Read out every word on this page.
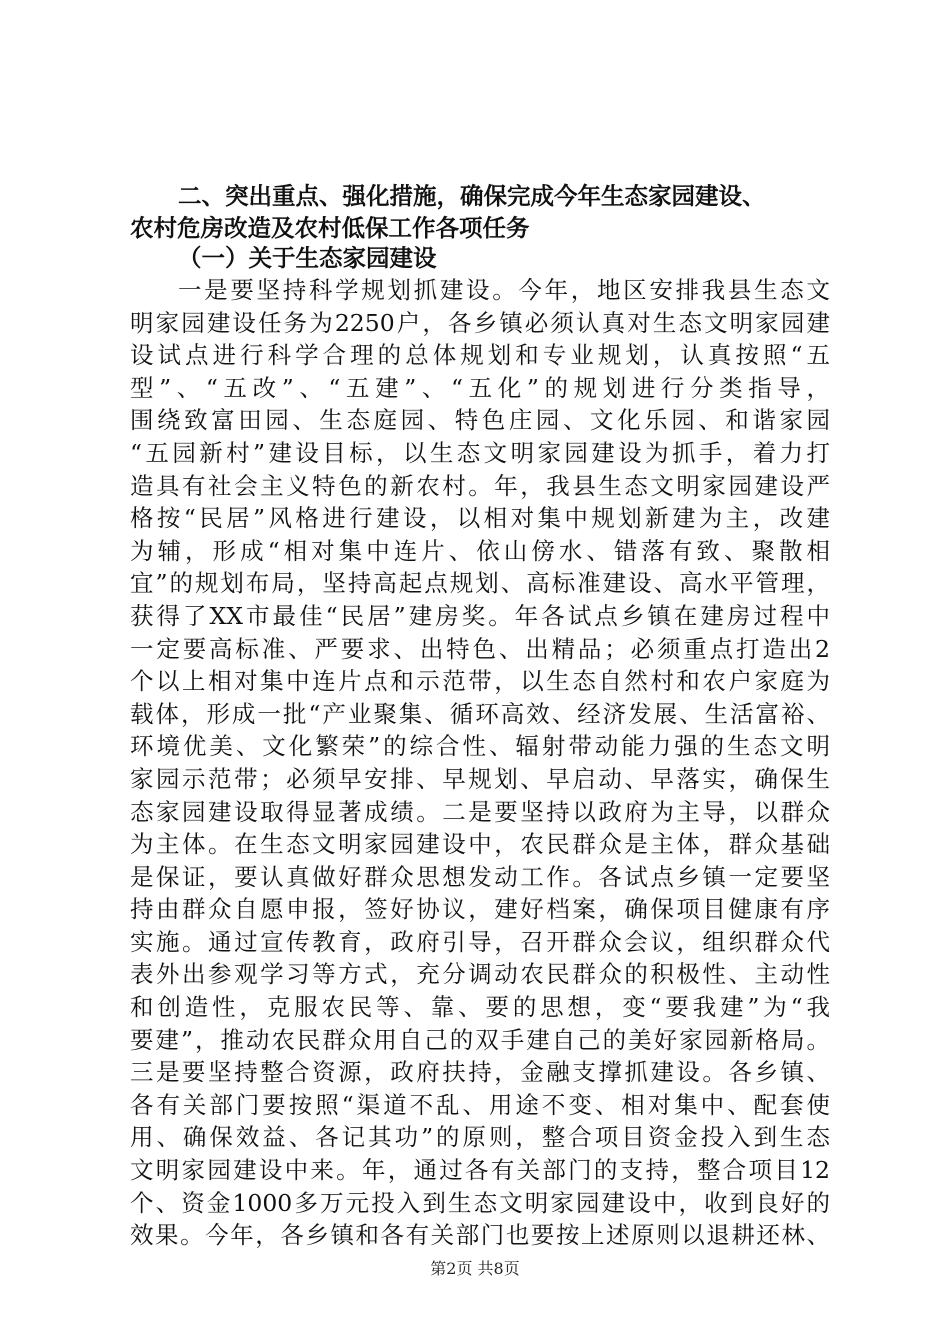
二、突出重点、强化措施，确保完成今年生态家园建设、
农村危房改造及农村低保工作各项任务
（一）关于生态家园建设
一是要坚持科学规划抓建设。今年，地区安排我县生态文
明家园建设任务为2250户，各乡镇必须认真对生态文明家园建
设试点进行科学合理的总体规划和专业规划，认真按照“五
型”、“五改”、“五建”、“五化”的规划进行分类指导，
围绕致富田园、生态庭园、特色庄园、文化乐园、和谐家园
“五园新村”建设目标，以生态文明家园建设为抓手，着力打
造具有社会主义特色的新农村。年，我县生态文明家园建设严
格按“民居”风格进行建设，以相对集中规划新建为主，改建
为辅，形成“相对集中连片、依山傍水、错落有致、聚散相
宜”的规划布局，坚持高起点规划、高标准建设、高水平管理，
获得了XX市最佳“民居”建房奖。年各试点乡镇在建房过程中
一定要高标准、严要求、出特色、出精品；必须重点打造出2
个以上相对集中连片点和示范带，以生态自然村和农户家庭为
载体，形成一批“产业聚集、循环高效、经济发展、生活富裕、
环境优美、文化繁荣”的综合性、辐射带动能力强的生态文明
家园示范带；必须早安排、早规划、早启动、早落实，确保生
态家园建设取得显著成绩。二是要坚持以政府为主导，以群众
为主体。在生态文明家园建设中，农民群众是主体，群众基础
是保证，要认真做好群众思想发动工作。各试点乡镇一定要坚
持由群众自愿申报，签好协议，建好档案，确保项目健康有序
实施。通过宣传教育，政府引导，召开群众会议，组织群众代
表外出参观学习等方式，充分调动农民群众的积极性、主动性
和创造性，克服农民等、靠、要的思想，变“要我建”为“我
要建”，推动农民群众用自己的双手建自己的美好家园新格局。
三是要坚持整合资源，政府扶持，金融支撑抓建设。各乡镇、
各有关部门要按照“渠道不乱、用途不变、相对集中、配套使
用、确保效益、各记其功”的原则，整合项目资金投入到生态
文明家园建设中来。年，通过各有关部门的支持，整合项目12
个、资金1000多万元投入到生态文明家园建设中，收到良好的
效果。今年，各乡镇和各有关部门也要按上述原则以退耕还林、
第2页 共8页
